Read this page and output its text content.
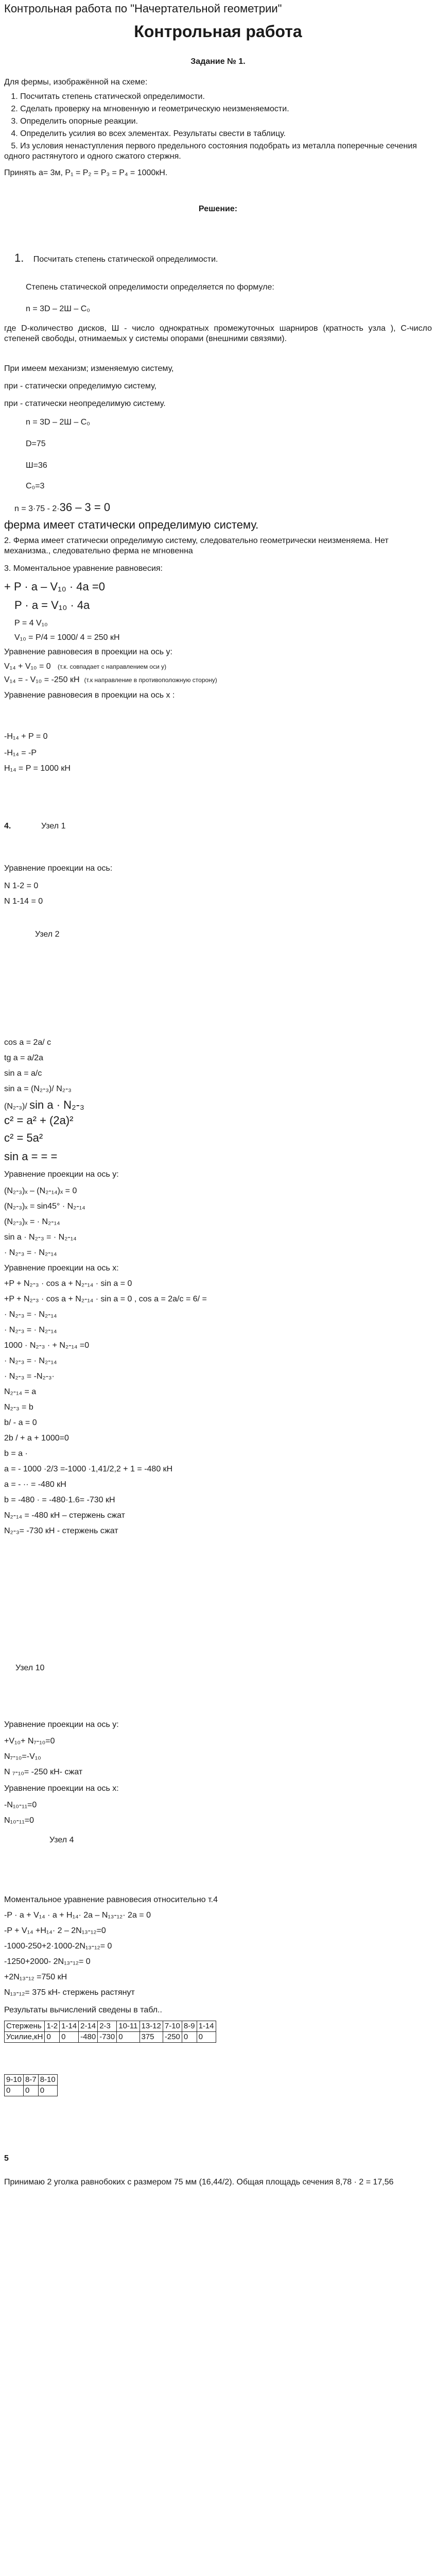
Контрольная работа по "Начертательной геометрии"
Контрольная работа
Задание № 1.
Для фермы, изображённой на схеме:
1. Посчитать степень статической определимости.
2. Сделать проверку на мгновенную и геометрическую неизменяемости.
3. Определить опорные реакции.
4. Определить усилия во всех элементах. Результаты свести в таблицу.
5. Из условия ненаступления первого предельного состояния подобрать из металла поперечные сечения одного растянутого и одного сжатого стержня.
Принять a= 3м, P₁ = P₂ = P₃ = P₄ = 1000кН.
Решение:
1. Посчитать степень статической определимости.
Степень статической определимости определяется по формуле:
n = 3D – 2Ш – C₀
где D-количество дисков, Ш - число однократных промежуточных шарниров (кратность узла ), C-число степеней свободы, отнимаемых у системы опорами (внешними связями).
При имеем механизм; изменяемую систему,
при - статически определимую систему,
при - статически неопределимую систему.
n = 3D – 2Ш – C₀
D=75
Ш=36
C₀=3
n = 3·75 - 2·36 – 3 = 0
ферма имеет статически определимую систему.
2. Ферма имеет статически определимую систему, следовательно геометрически неизменяема. Нет механизма., следовательно ферма не мгновенна
3. Моментальное уравнение равновесия:
+ P · a – V₁₀ · 4a =0
P · a = V₁₀ · 4a
P = 4 V₁₀
V₁₀ = P/4 = 1000/ 4 = 250 кН
Уравнение равновесия в проекции на ось у:
V₁₄ + V₁₀ = 0 (т.к. совпадает с направлением оси у)
V₁₄ = - V₁₀ = -250 кН (т.к направление в противоположную сторону)
Уравнение равновесия в проекции на ось х :
-H₁₄ + P = 0
-H₁₄ = -P
H₁₄ = P = 1000 кН
4.	Узел 1
Уравнение проекции на ось:
N 1-2 = 0
N 1-14 = 0
Узел 2
cos a = 2a/ c
tg a = a/2a
sin a = a/c
sin a = (N₂-₃)/ N₂-₃
(N₂-₃)/ sin a · N₂-₃
c² = a² + (2a)²
c² = 5a²
sin a = = =
Уравнение проекции на ось у:
(N₂-₃)ₓ – (N₂-₁₄)ₓ = 0
(N₂-₃)ₓ = sin45° · N₂-₁₄
(N₂-₃)ₓ = · N₂-₁₄
sin a · N₂-₃ = · N₂-₁₄
· N₂-₃ = · N₂-₁₄
Уравнение проекции на ось х:
+P + N₂-₃ · cos a + N₂-₁₄ · sin a = 0
+P + N₂-₃ · cos a + N₂-₁₄ · sin a = 0 , cos a = 2a/c = 6/ =
· N₂-₃ = · N₂-₁₄
· N₂-₃ = · N₂-₁₄
1000 · N₂-₃ · + N₂-₁₄ =0
· N₂-₃ = · N₂-₁₄
· N₂-₃ = -N₂-₃·
N₂-₁₄ = a
N₂-₃ = b
b/ - a = 0
2b / + a + 1000=0
b = a ·
a = - 1000 ·2/3 =-1000 ·1,41/2,2 + 1 = -480 кН
a = - ·· = -480 кН
b = -480 · = -480·1.6= -730 кН
N₂-₁₄ = -480 кН – стержень сжат
N₂-₃= -730 кН - стержень сжат
Узел 10
Уравнение проекции на ось у:
+V₁₀+ N₇-₁₀=0
N₇-₁₀=-V₁₀
N ₇-₁₀= -250 кН- сжат
Уравнение проекции на ось х:
-N₁₀-₁₁=0
N₁₀-₁₁=0
Узел 4
Моментальное уравнение равновесия относительно т.4
-P · a + V₁₄ · a + H₁₄· 2a – N₁₃-₁₂· 2a = 0
-P + V₁₄ +H₁₄· 2 – 2N₁₃-₁₂=0
-1000-250+2·1000-2N₁₃-₁₂= 0
-1250+2000- 2N₁₃-₁₂= 0
+2N₁₃-₁₂ =750 кН
N₁₃-₁₂= 375 кН- стержень растянут
Результаты вычислений сведены в табл..
Стержень	1-2	1-14	2-14	2-3	10-11	13-12	7-10	8-9	1-14
Усилие,кН	0	0	-480	-730	0	375	-250	0	0
9-10	8-7	8-10
0	0	0
5
Принимаю 2 уголка равнобоких с размером 75 мм (16,44/2). Общая площадь сечения 8,78 · 2 = 17,56
